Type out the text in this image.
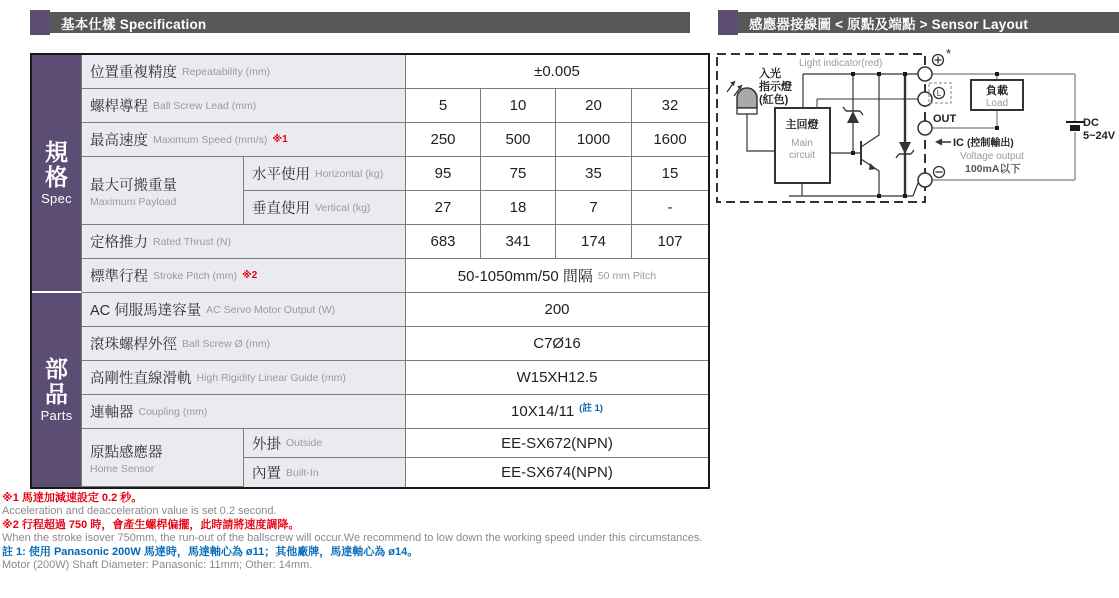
基本仕樣 Specification	感應器接線圖 < 原點及端點 > Sensor Layout
規格
Spec
部品
Parts
位置重複精度 Repeatability (mm)	±0.005
螺桿導程 Ball Screw Lead (mm)	5	10	20	32
最高速度 Maximum Speed (mm/s) ※1	250	500	1000	1600
最大可搬重量
Maximum Payload
水平使用 Horizontal (kg)	95	75	35	15
垂直使用 Vertical (kg)	27	18	7	-
定格推力 Rated Thrust (N)	683	341	174	107
標準行程 Stroke Pitch (mm) ※2	50-1050mm/50 間隔 50 mm Pitch
AC 伺服馬達容量 AC Servo Motor Output (W)	200
滾珠螺桿外徑 Ball Screw Ø (mm)	C7Ø16
高剛性直線滑軌 High Rigidity Linear Guide (mm)	W15XH12.5
連軸器 Coupling (mm)	10X14/11 (註 1)
原點感應器
Home Sensor
外掛 Outside	EE-SX672(NPN)
內置 Built-In	EE-SX674(NPN)
※1 馬達加減速設定 0.2 秒。
Acceleration and deacceleration value is set 0.2 second.
※2 行程超過 750 時，會產生螺桿偏擺，此時請將速度調降。
When the stroke isover 750mm, the run-out of the ballscrew will occur.We recommend to low down the working speed under this circumstances.
註 1: 使用 Panasonic 200W 馬達時，馬達軸心為 ø11；其他廠牌，馬達軸心為 ø14。
Motor (200W) Shaft Diameter: Panasonic: 11mm; Other: 14mm.
主回燈
Main
circuit
負載
Load
DC
5~24V
*
L
Light indicator(red)
入光
指示燈
(紅色)
OUT
IC (控制輸出)
Voltage output
100mA以下
